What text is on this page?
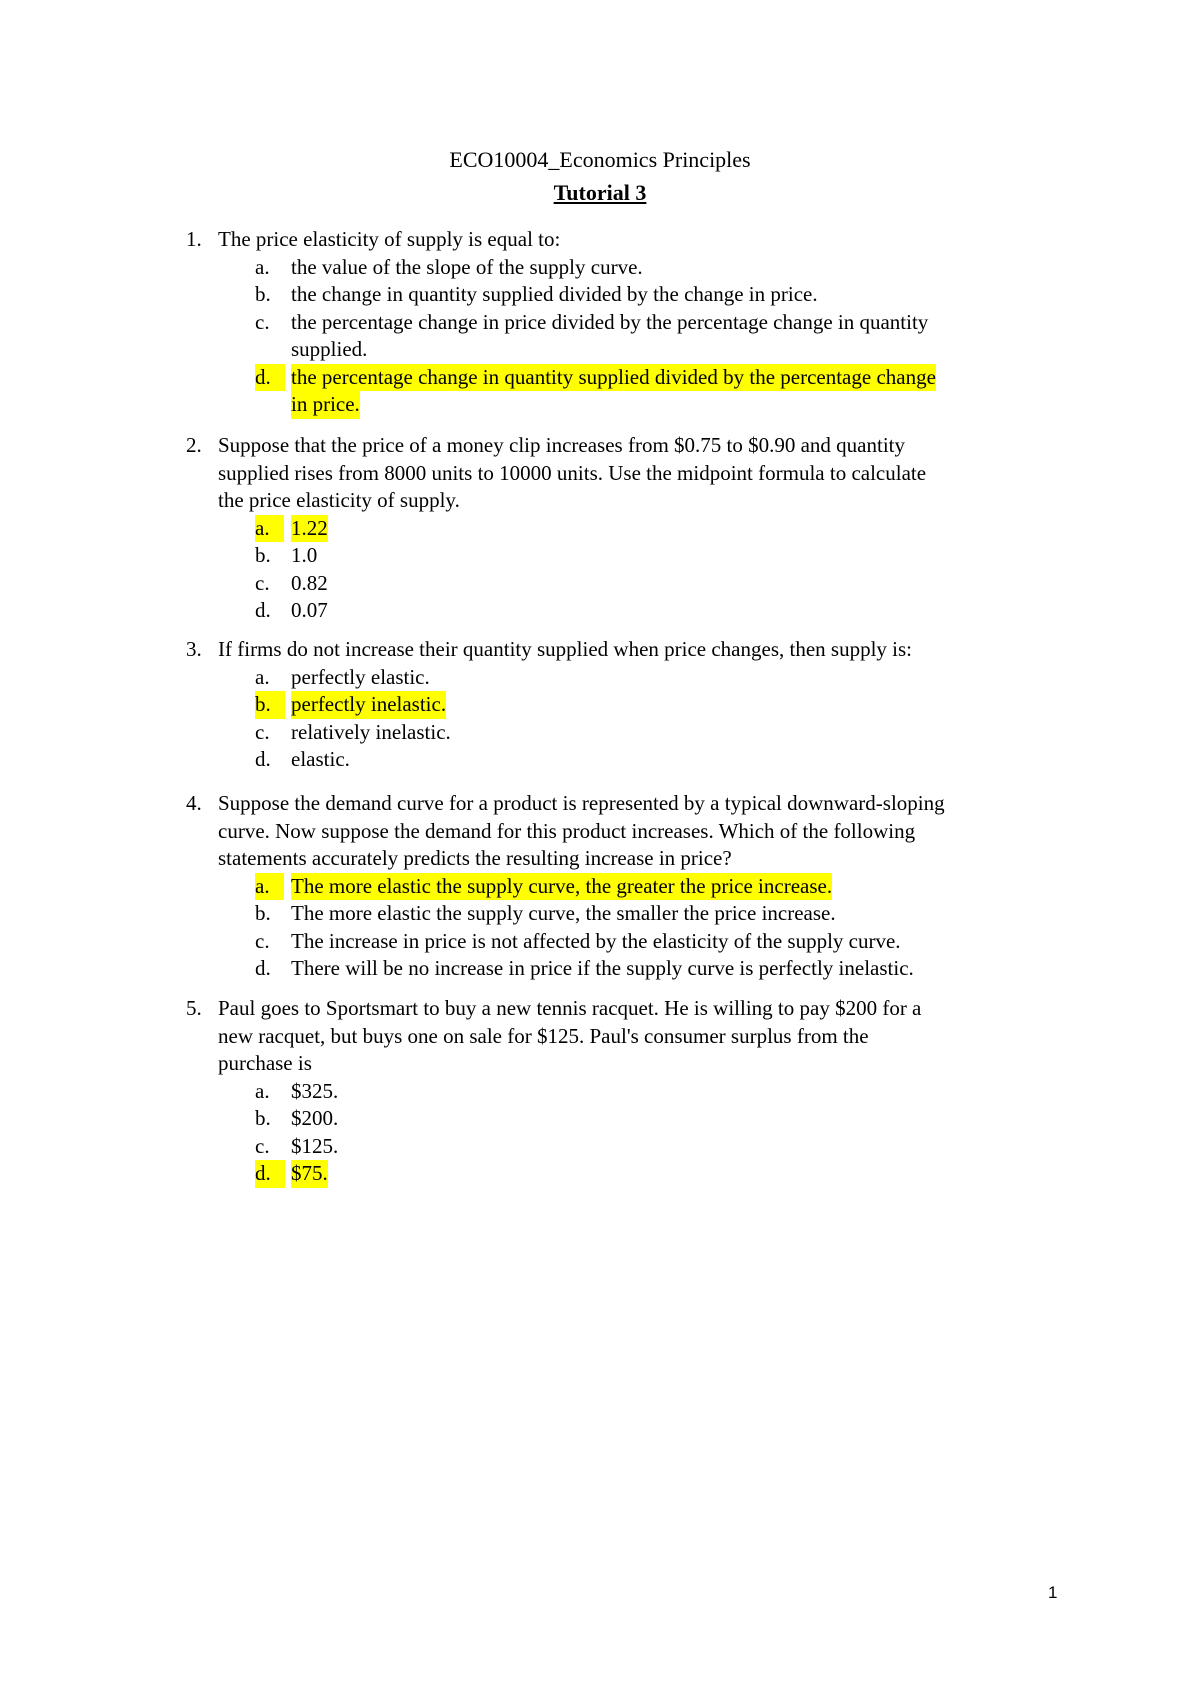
ECO10004_Economics Principles
Tutorial 3
1. The price elasticity of supply is equal to:
a. the value of the slope of the supply curve.
b. the change in quantity supplied divided by the change in price.
c. the percentage change in price divided by the percentage change in quantity
supplied.
d. the percentage change in quantity supplied divided by the percentage change
in price.
2. Suppose that the price of a money clip increases from $0.75 to $0.90 and quantity
supplied rises from 8000 units to 10000 units. Use the midpoint formula to calculate
the price elasticity of supply.
a.	1.22
b. 1.0
c. 0.82
d. 0.07
3. If firms do not increase their quantity supplied when price changes, then supply is:
a. perfectly elastic.
b. perfectly inelastic.
c. relatively inelastic.
d. elastic.
4. Suppose the demand curve for a product is represented by a typical downward-sloping
curve. Now suppose the demand for this product increases. Which of the following
statements accurately predicts the resulting increase in price?
a.	The more elastic the supply curve, the greater the price increase.
b. The more elastic the supply curve, the smaller the price increase.
c. The increase in price is not affected by the elasticity of the supply curve.
d. There will be no increase in price if the supply curve is perfectly inelastic.
5. Paul goes to Sportsmart to buy a new tennis racquet. He is willing to pay $200 for a
new racquet, but buys one on sale for $125. Paul's consumer surplus from the
purchase is
a. $325.
b. $200.
c. $125.
d. $75.
1
